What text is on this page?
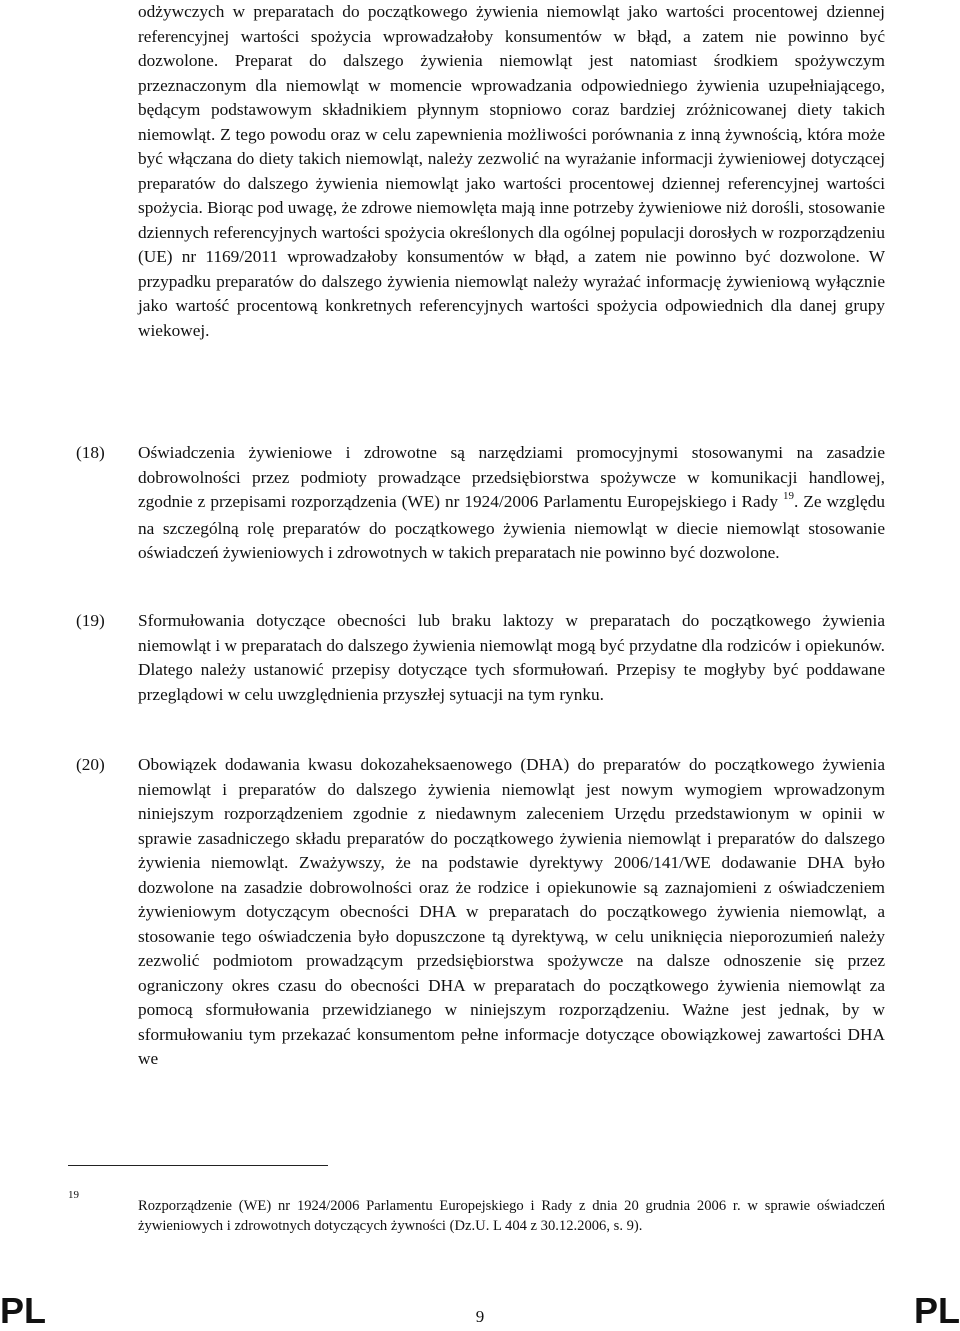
odżywczych w preparatach do początkowego żywienia niemowląt jako wartości procentowej dziennej referencyjnej wartości spożycia wprowadzałoby konsumentów w błąd, a zatem nie powinno być dozwolone. Preparat do dalszego żywienia niemowląt jest natomiast środkiem spożywczym przeznaczonym dla niemowląt w momencie wprowadzania odpowiedniego żywienia uzupełniającego, będącym podstawowym składnikiem płynnym stopniowo coraz bardziej zróżnicowanej diety takich niemowląt. Z tego powodu oraz w celu zapewnienia możliwości porównania z inną żywnością, która może być włączana do diety takich niemowląt, należy zezwolić na wyrażanie informacji żywieniowej dotyczącej preparatów do dalszego żywienia niemowląt jako wartości procentowej dziennej referencyjnej wartości spożycia. Biorąc pod uwagę, że zdrowe niemowlęta mają inne potrzeby żywieniowe niż dorośli, stosowanie dziennych referencyjnych wartości spożycia określonych dla ogólnej populacji dorosłych w rozporządzeniu (UE) nr 1169/2011 wprowadzałoby konsumentów w błąd, a zatem nie powinno być dozwolone. W przypadku preparatów do dalszego żywienia niemowląt należy wyrażać informację żywieniową wyłącznie jako wartość procentową konkretnych referencyjnych wartości spożycia odpowiednich dla danej grupy wiekowej.

(18) Oświadczenia żywieniowe i zdrowotne są narzędziami promocyjnymi stosowanymi na zasadzie dobrowolności przez podmioty prowadzące przedsiębiorstwa spożywcze w komunikacji handlowej, zgodnie z przepisami rozporządzenia (WE) nr 1924/2006 Parlamentu Europejskiego i Rady $^{19}$. Ze względu na szczególną rolę preparatów do początkowego żywienia niemowląt w diecie niemowląt stosowanie oświadczeń żywieniowych i zdrowotnych w takich preparatach nie powinno być dozwolone.

(19) Sformułowania dotyczące obecności lub braku laktozy w preparatach do początkowego żywienia niemowląt i w preparatach do dalszego żywienia niemowląt mogą być przydatne dla rodziców i opiekunów. Dlatego należy ustanowić przepisy dotyczące tych sformułowań. Przepisy te mogłyby być poddawane przeglądowi w celu uwzględnienia przyszłej sytuacji na tym rynku.

(20) Obowiązek dodawania kwasu dokozaheksaenowego (DHA) do preparatów do początkowego żywienia niemowląt i preparatów do dalszego żywienia niemowląt jest nowym wymogiem wprowadzonym niniejszym rozporządzeniem zgodnie z niedawnym zaleceniem Urzędu przedstawionym w opinii w sprawie zasadniczego składu preparatów do początkowego żywienia niemowląt i preparatów do dalszego żywienia niemowląt. Zważywszy, że na podstawie dyrektywy 2006/141/WE dodawanie DHA było dozwolone na zasadzie dobrowolności oraz że rodzice i opiekunowie są zaznajomieni z oświadczeniem żywieniowym dotyczącym obecności DHA w preparatach do początkowego żywienia niemowląt, a stosowanie tego oświadczenia było dopuszczone tą dyrektywą, w celu uniknięcia nieporozumień należy zezwolić podmiotom prowadzącym przedsiębiorstwa spożywcze na dalsze odnoszenie się przez ograniczony okres czasu do obecności DHA w preparatach do początkowego żywienia niemowląt za pomocą sformułowania przewidzianego w niniejszym rozporządzeniu. Ważne jest jednak, by w sformułowaniu tym przekazać konsumentom pełne informacje dotyczące obowiązkowej zawartości DHA we

19

Rozporządzenie (WE) nr 1924/2006 Parlamentu Europejskiego i Rady z dnia 20 grudnia 2006 r. w sprawie oświadczeń żywieniowych i zdrowotnych dotyczących żywności (Dz.U. L 404 z 30.12.2006, s. 9).

PL	9	PL
